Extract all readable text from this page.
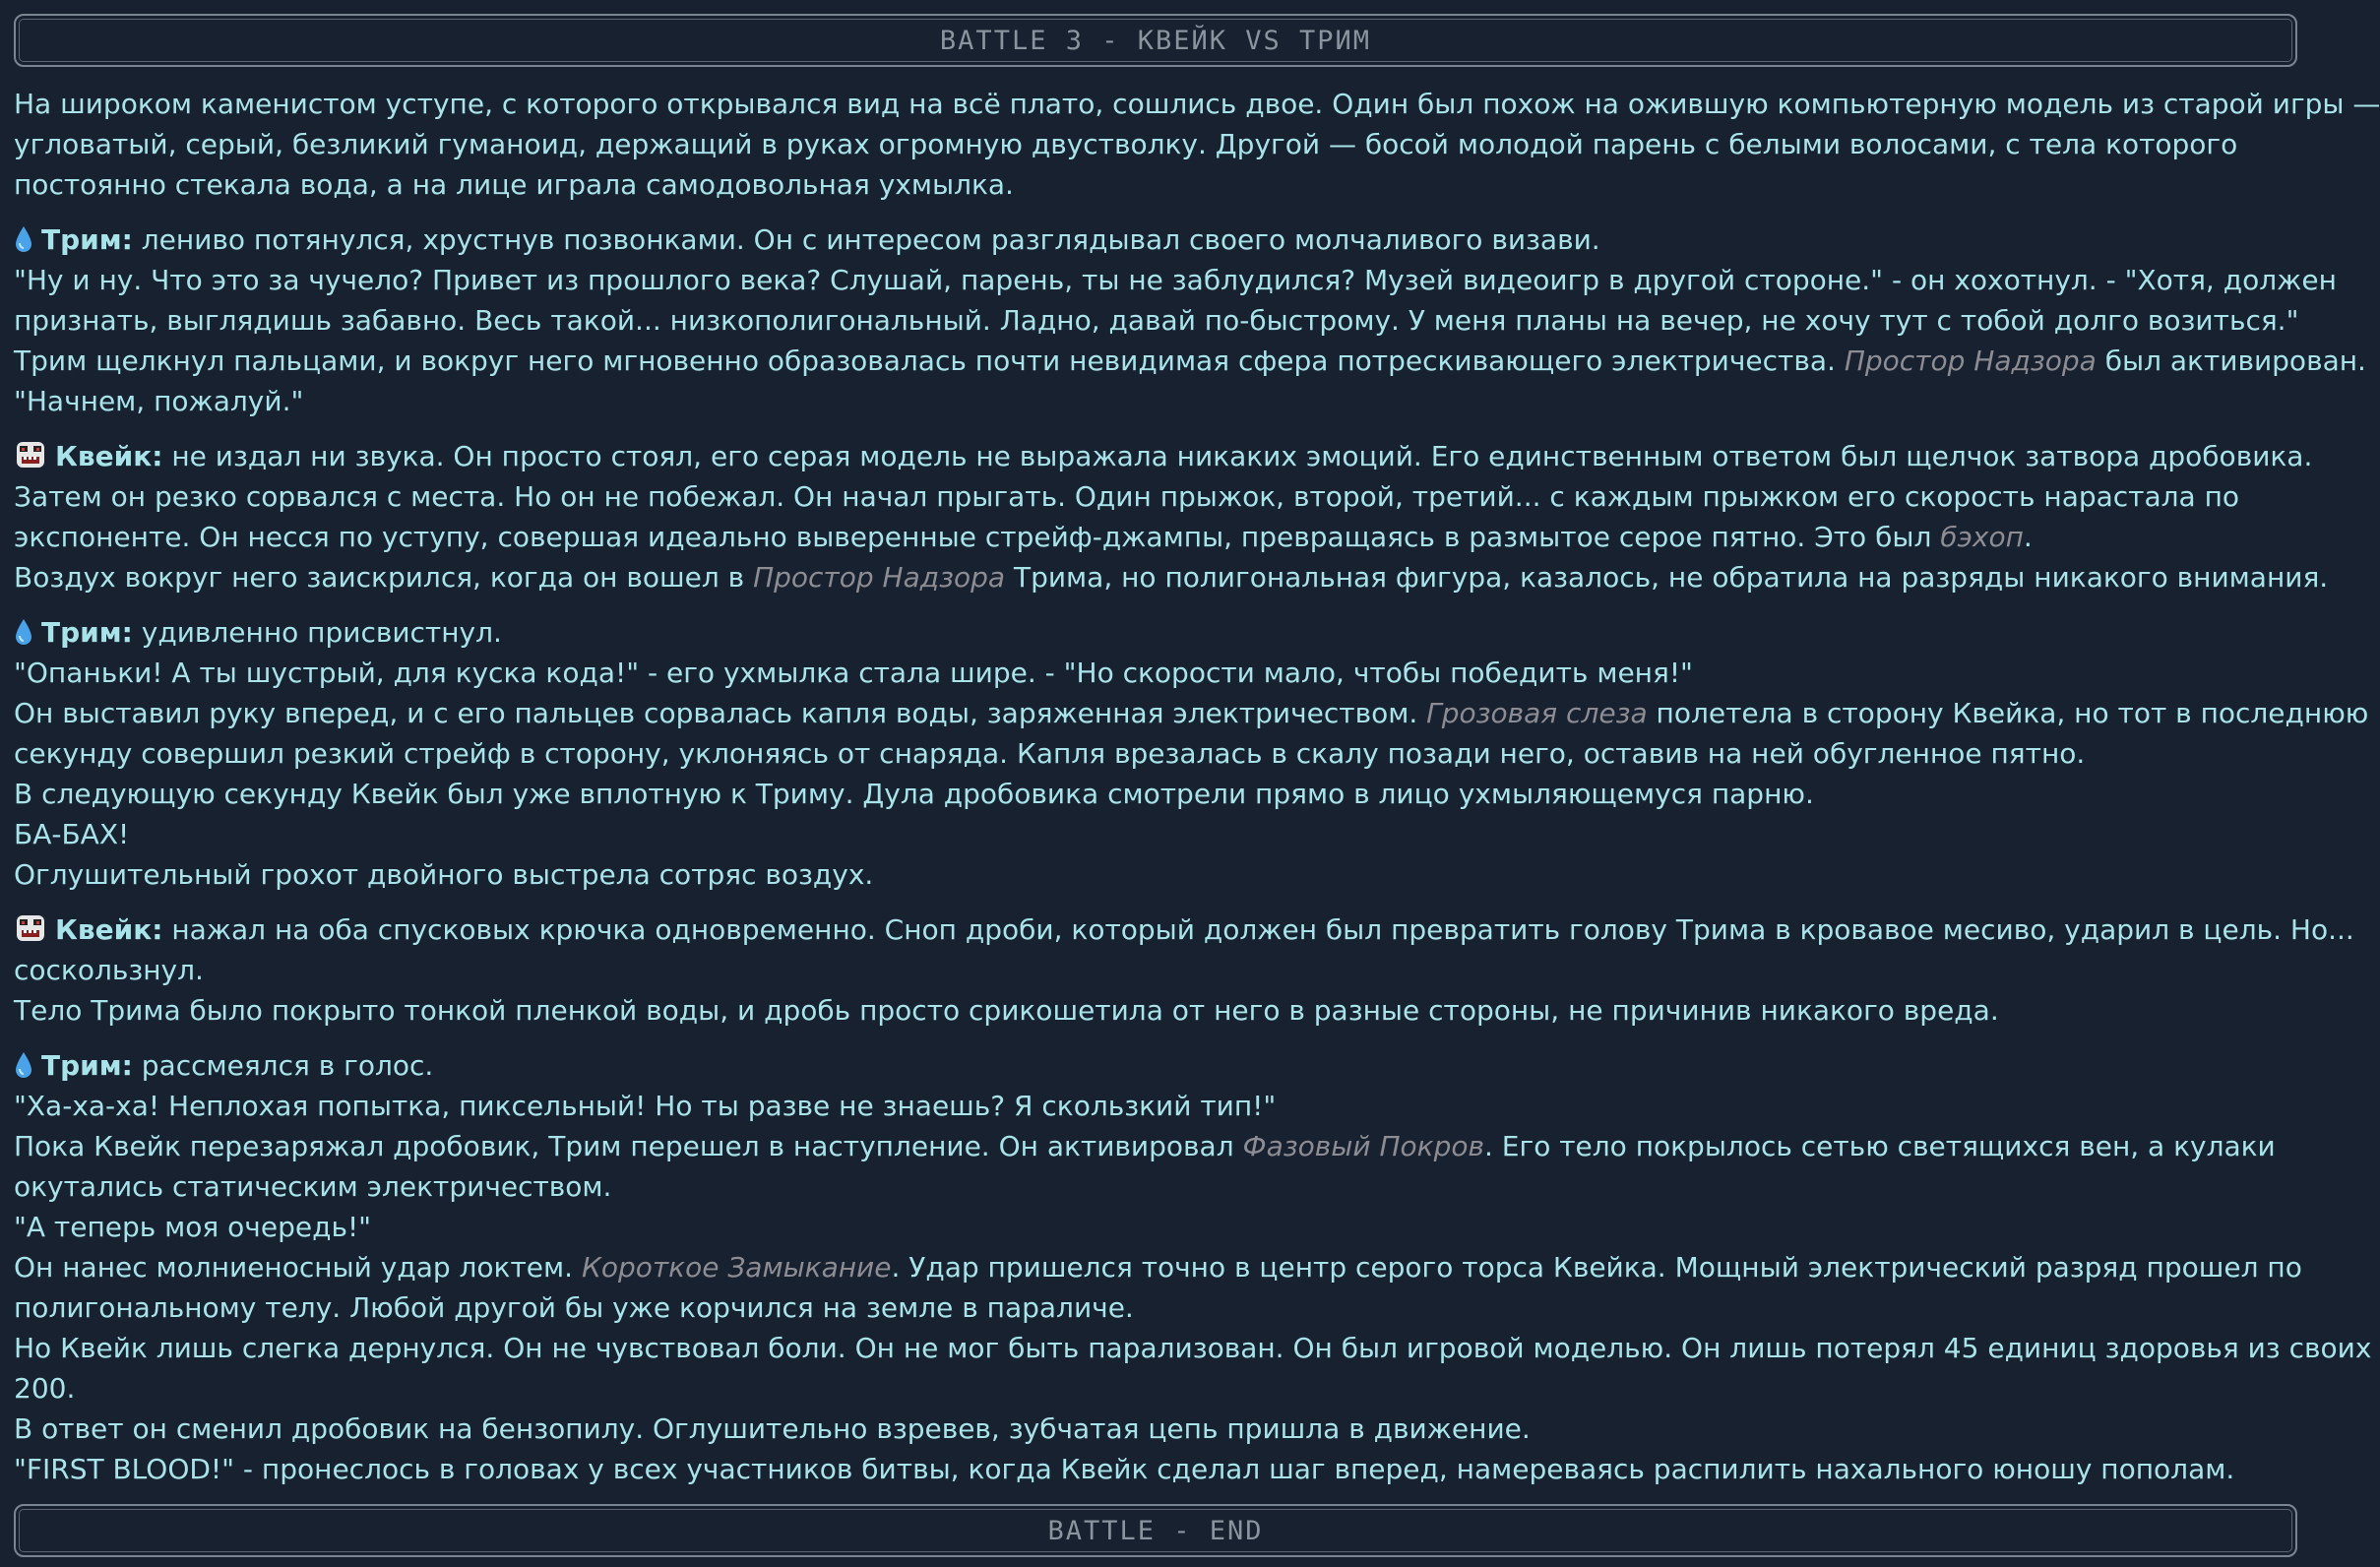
BATTLE 3 - КВЕЙК VS ТРИМ
На широком каменистом уступе, с которого открывался вид на всё плато, сошлись двое. Один был похож на ожившую компьютерную модель из старой игры —
угловатый, серый, безликий гуманоид, держащий в руках огромную двустволку. Другой — босой молодой парень с белыми волосами, с тела которого
постоянно стекала вода, а на лице играла самодовольная ухмылка.
Трим: лениво потянулся, хрустнув позвонками. Он с интересом разглядывал своего молчаливого визави.
"Ну и ну. Что это за чучело? Привет из прошлого века? Слушай, парень, ты не заблудился? Музей видеоигр в другой стороне." - он хохотнул. - "Хотя, должен
признать, выглядишь забавно. Весь такой... низкополигональный. Ладно, давай по-быстрому. У меня планы на вечер, не хочу тут с тобой долго возиться."
Трим щелкнул пальцами, и вокруг него мгновенно образовалась почти невидимая сфера потрескивающего электричества. Простор Надзора был активирован.
"Начнем, пожалуй."
Квейк: не издал ни звука. Он просто стоял, его серая модель не выражала никаких эмоций. Его единственным ответом был щелчок затвора дробовика.
Затем он резко сорвался с места. Но он не побежал. Он начал прыгать. Один прыжок, второй, третий... с каждым прыжком его скорость нарастала по
экспоненте. Он несся по уступу, совершая идеально выверенные стрейф-джампы, превращаясь в размытое серое пятно. Это был бэхоп.
Воздух вокруг него заискрился, когда он вошел в Простор Надзора Трима, но полигональная фигура, казалось, не обратила на разряды никакого внимания.
Трим: удивленно присвистнул.
"Опаньки! А ты шустрый, для куска кода!" - его ухмылка стала шире. - "Но скорости мало, чтобы победить меня!"
Он выставил руку вперед, и с его пальцев сорвалась капля воды, заряженная электричеством. Грозовая слеза полетела в сторону Квейка, но тот в последнюю
секунду совершил резкий стрейф в сторону, уклоняясь от снаряда. Капля врезалась в скалу позади него, оставив на ней обугленное пятно.
В следующую секунду Квейк был уже вплотную к Триму. Дула дробовика смотрели прямо в лицо ухмыляющемуся парню.
БА-БАХ!
Оглушительный грохот двойного выстрела сотряс воздух.
Квейк: нажал на оба спусковых крючка одновременно. Сноп дроби, который должен был превратить голову Трима в кровавое месиво, ударил в цель. Но...
соскользнул.
Тело Трима было покрыто тонкой пленкой воды, и дробь просто срикошетила от него в разные стороны, не причинив никакого вреда.
Трим: рассмеялся в голос.
"Ха-ха-ха! Неплохая попытка, пиксельный! Но ты разве не знаешь? Я скользкий тип!"
Пока Квейк перезаряжал дробовик, Трим перешел в наступление. Он активировал Фазовый Покров. Его тело покрылось сетью светящихся вен, а кулаки
окутались статическим электричеством.
"А теперь моя очередь!"
Он нанес молниеносный удар локтем. Короткое Замыкание. Удар пришелся точно в центр серого торса Квейка. Мощный электрический разряд прошел по
полигональному телу. Любой другой бы уже корчился на земле в параличе.
Но Квейк лишь слегка дернулся. Он не чувствовал боли. Он не мог быть парализован. Он был игровой моделью. Он лишь потерял 45 единиц здоровья из своих
200.
В ответ он сменил дробовик на бензопилу. Оглушительно взревев, зубчатая цепь пришла в движение.
"FIRST BLOOD!" - пронеслось в головах у всех участников битвы, когда Квейк сделал шаг вперед, намереваясь распилить нахального юношу пополам.
BATTLE - END
